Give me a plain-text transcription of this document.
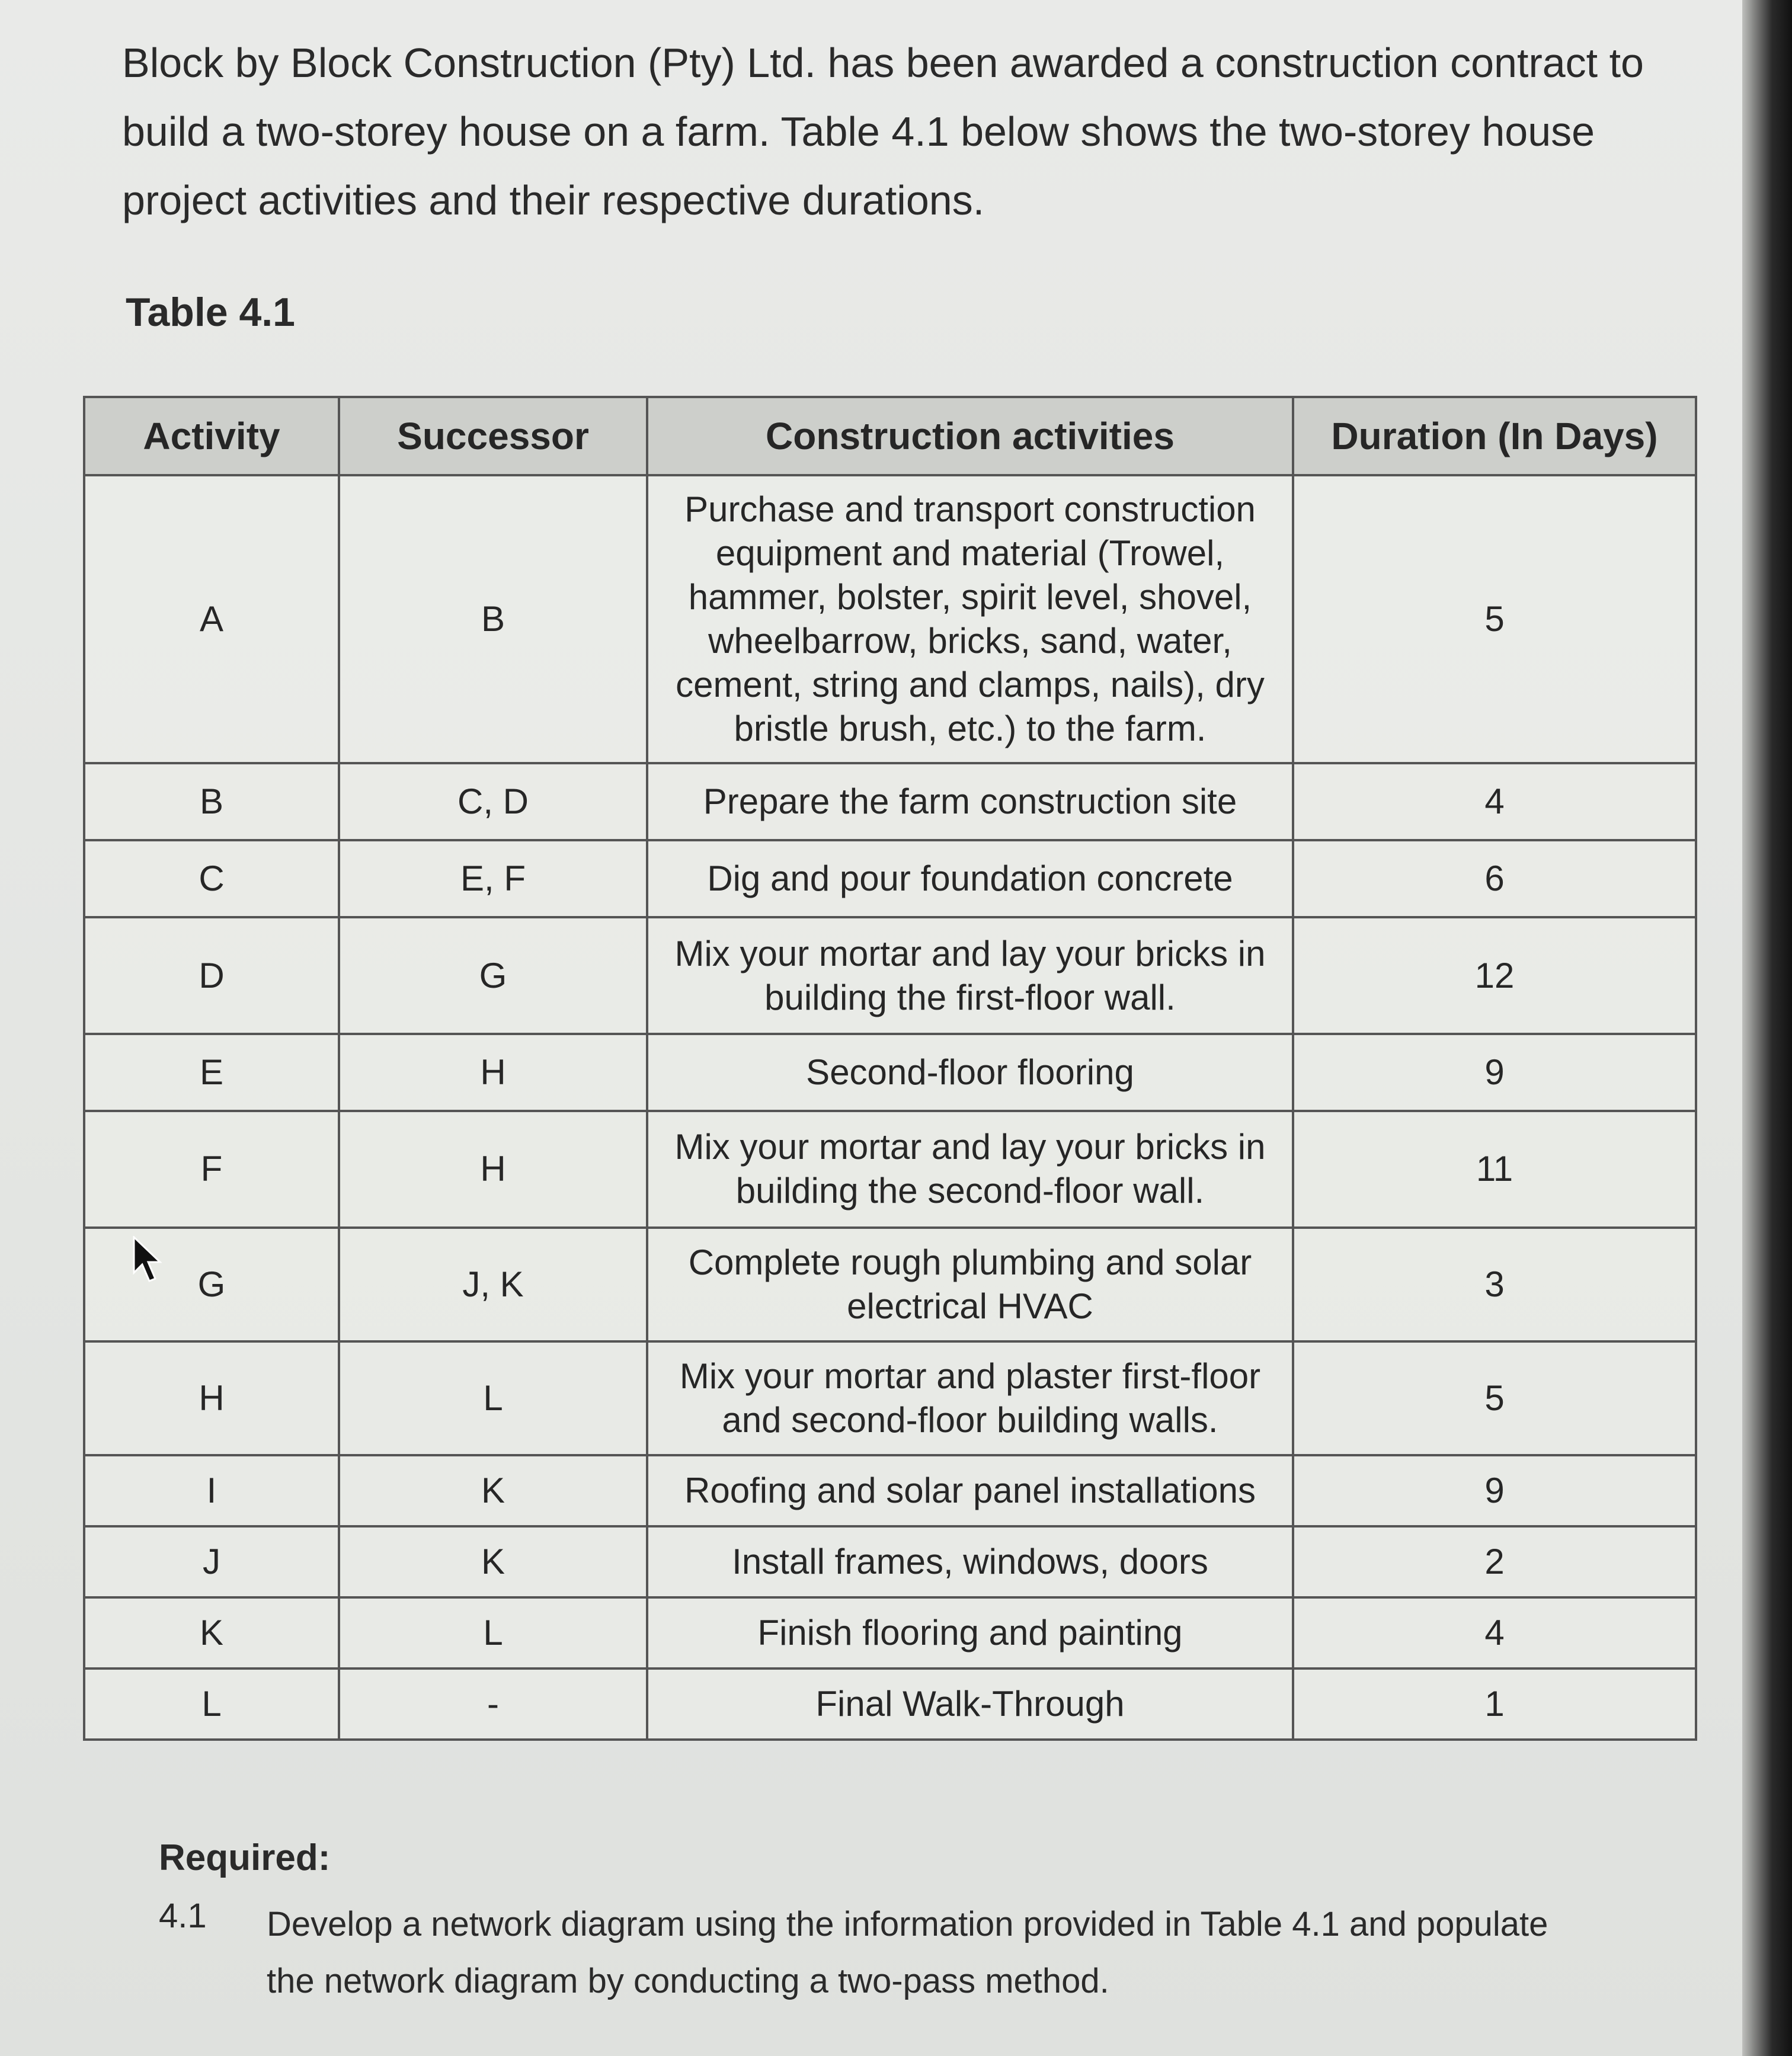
Block by Block Construction (Pty) Ltd. has been awarded a construction contract to build a two-storey house on a farm. Table 4.1 below shows the two-storey house project activities and their respective durations.

Table 4.1

Activity	Successor	Construction activities	Duration (In Days)
A	B	Purchase and transport construction equipment and material (Trowel, hammer, bolster, spirit level, shovel, wheelbarrow, bricks, sand, water, cement, string and clamps, nails), dry bristle brush, etc.) to the farm.	5
B	C, D	Prepare the farm construction site	4
C	E, F	Dig and pour foundation concrete	6
D	G	Mix your mortar and lay your bricks in building the first-floor wall.	12
E	H	Second-floor flooring	9
F	H	Mix your mortar and lay your bricks in building the second-floor wall.	11
G	J, K	Complete rough plumbing and solar electrical HVAC	3
H	L	Mix your mortar and plaster first-floor and second-floor building walls.	5
I	K	Roofing and solar panel installations	9
J	K	Install frames, windows, doors	2
K	L	Finish flooring and painting	4
L	-	Final Walk-Through	1

Required:

4.1 Develop a network diagram using the information provided in Table 4.1 and populate the network diagram by conducting a two-pass method.
